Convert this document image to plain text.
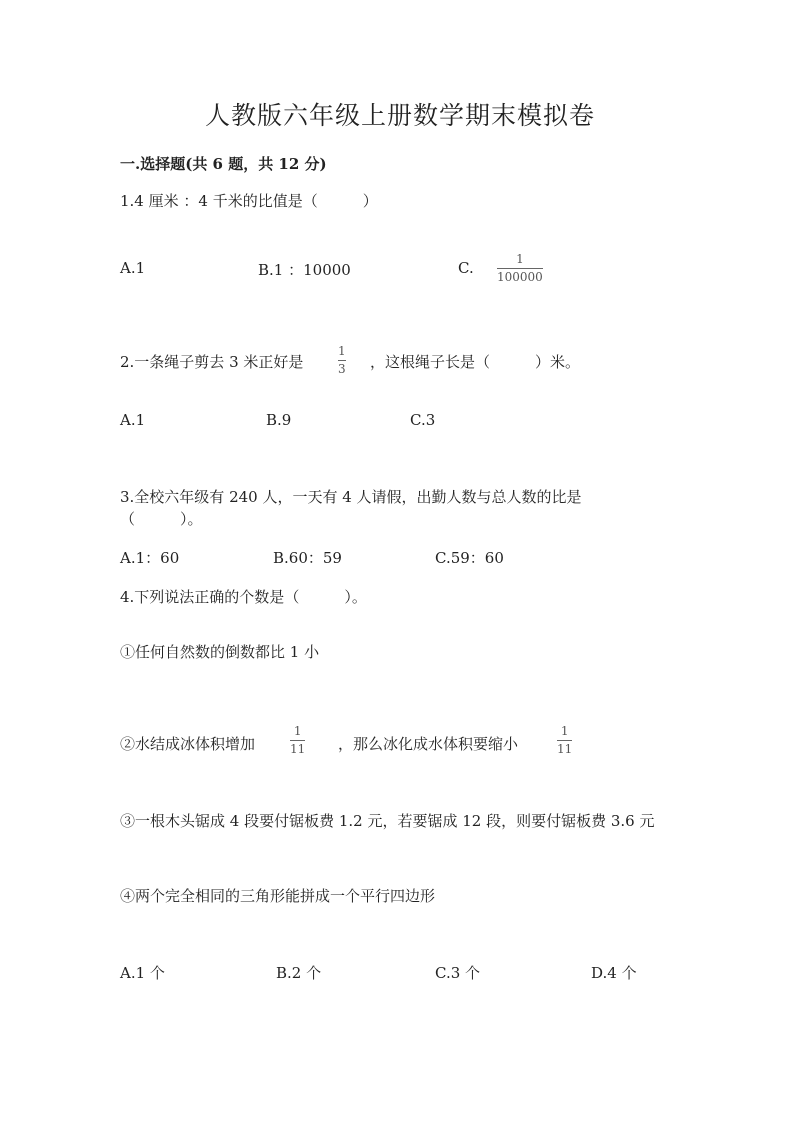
人教版六年级上册数学期末模拟卷
一.选择题(共 6 题，共 12 分)
1.4 厘米 ：4 千米的比值是（　　　）
A.1	B.1 ：10000	C.	1
100000
2.一条绳子剪去 3 米正好是
1
3 ，这根绳子长是（　　　）米。
A.1	B.9	C.3
3.全校六年级有 240 人，一天有 4 人请假，出勤人数与总人数的比是
（　　　）。
A.1：60	B.60：59	C.59：60
4.下列说法正确的个数是（　　　）。
①任何自然数的倒数都比 1 小
②水结成冰体积增加
1
11 ，那么冰化成水体积要缩小
1
11
③一根木头锯成 4 段要付锯板费 1.2 元，若要锯成 12 段，则要付锯板费 3.6 元
④两个完全相同的三角形能拼成一个平行四边形
A.1 个	B.2 个	C.3 个	D.4 个
